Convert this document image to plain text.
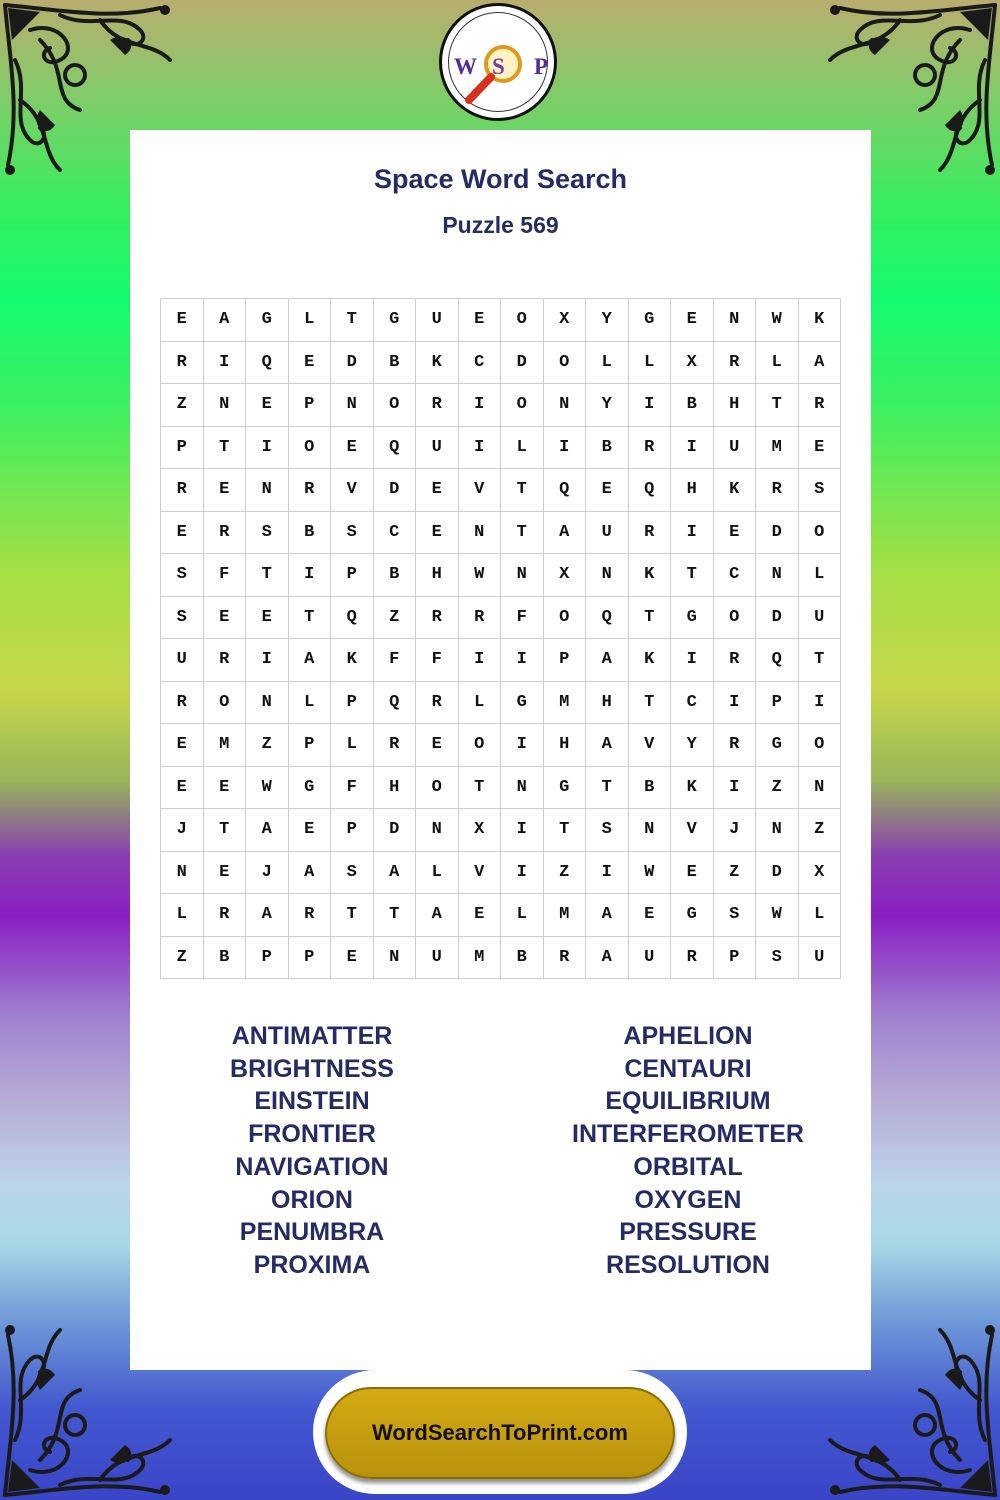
W S P
Space Word Search
Puzzle 569
E	A	G	L	T	G	U	E	O	X	Y	G	E	N	W	K
R	I	Q	E	D	B	K	C	D	O	L	L	X	R	L	A
Z	N	E	P	N	O	R	I	O	N	Y	I	B	H	T	R
P	T	I	O	E	Q	U	I	L	I	B	R	I	U	M	E
R	E	N	R	V	D	E	V	T	Q	E	Q	H	K	R	S
E	R	S	B	S	C	E	N	T	A	U	R	I	E	D	O
S	F	T	I	P	B	H	W	N	X	N	K	T	C	N	L
S	E	E	T	Q	Z	R	R	F	O	Q	T	G	O	D	U
U	R	I	A	K	F	F	I	I	P	A	K	I	R	Q	T
R	O	N	L	P	Q	R	L	G	M	H	T	C	I	P	I
E	M	Z	P	L	R	E	O	I	H	A	V	Y	R	G	O
E	E	W	G	F	H	O	T	N	G	T	B	K	I	Z	N
J	T	A	E	P	D	N	X	I	T	S	N	V	J	N	Z
N	E	J	A	S	A	L	V	I	Z	I	W	E	Z	D	X
L	R	A	R	T	T	A	E	L	M	A	E	G	S	W	L
Z	B	P	P	E	N	U	M	B	R	A	U	R	P	S	U
ANTIMATTER
BRIGHTNESS
EINSTEIN
FRONTIER
NAVIGATION
ORION
PENUMBRA
PROXIMA
APHELION
CENTAURI
EQUILIBRIUM
INTERFEROMETER
ORBITAL
OXYGEN
PRESSURE
RESOLUTION
WordSearchToPrint.com
